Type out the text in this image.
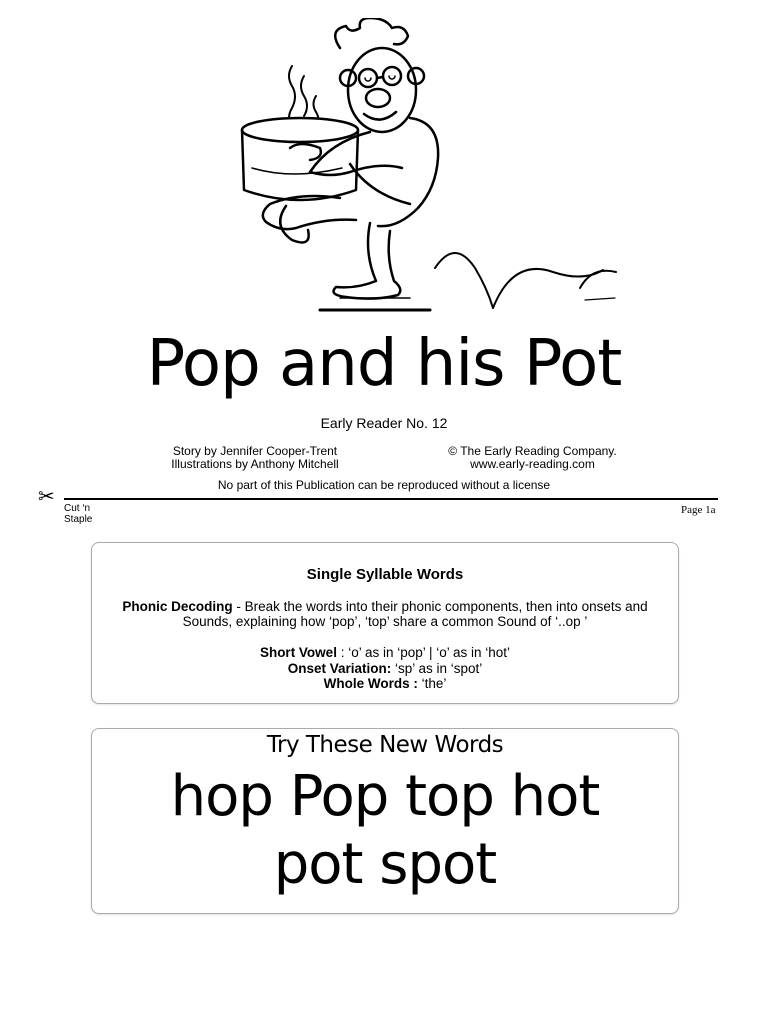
Pop and his Pot
Early Reader No. 12
Story by Jennifer Cooper-Trent
Illustrations by Anthony Mitchell
© The Early Reading Company.
www.early-reading.com
No part of this Publication can be reproduced without a license
✂
Cut ‘n
Staple
Page 1a
Single Syllable Words
Phonic Decoding - Break the words into their phonic components, then into onsets and Sounds, explaining how ‘pop’, ‘top’ share a common Sound of ‘..op ’
Short Vowel : ‘o’ as in ‘pop’ | ‘o’ as in ‘hot’
Onset Variation: ‘sp’ as in ‘spot’
Whole Words : ‘the’
Try These New Words
hop Pop top hot
pot spot
